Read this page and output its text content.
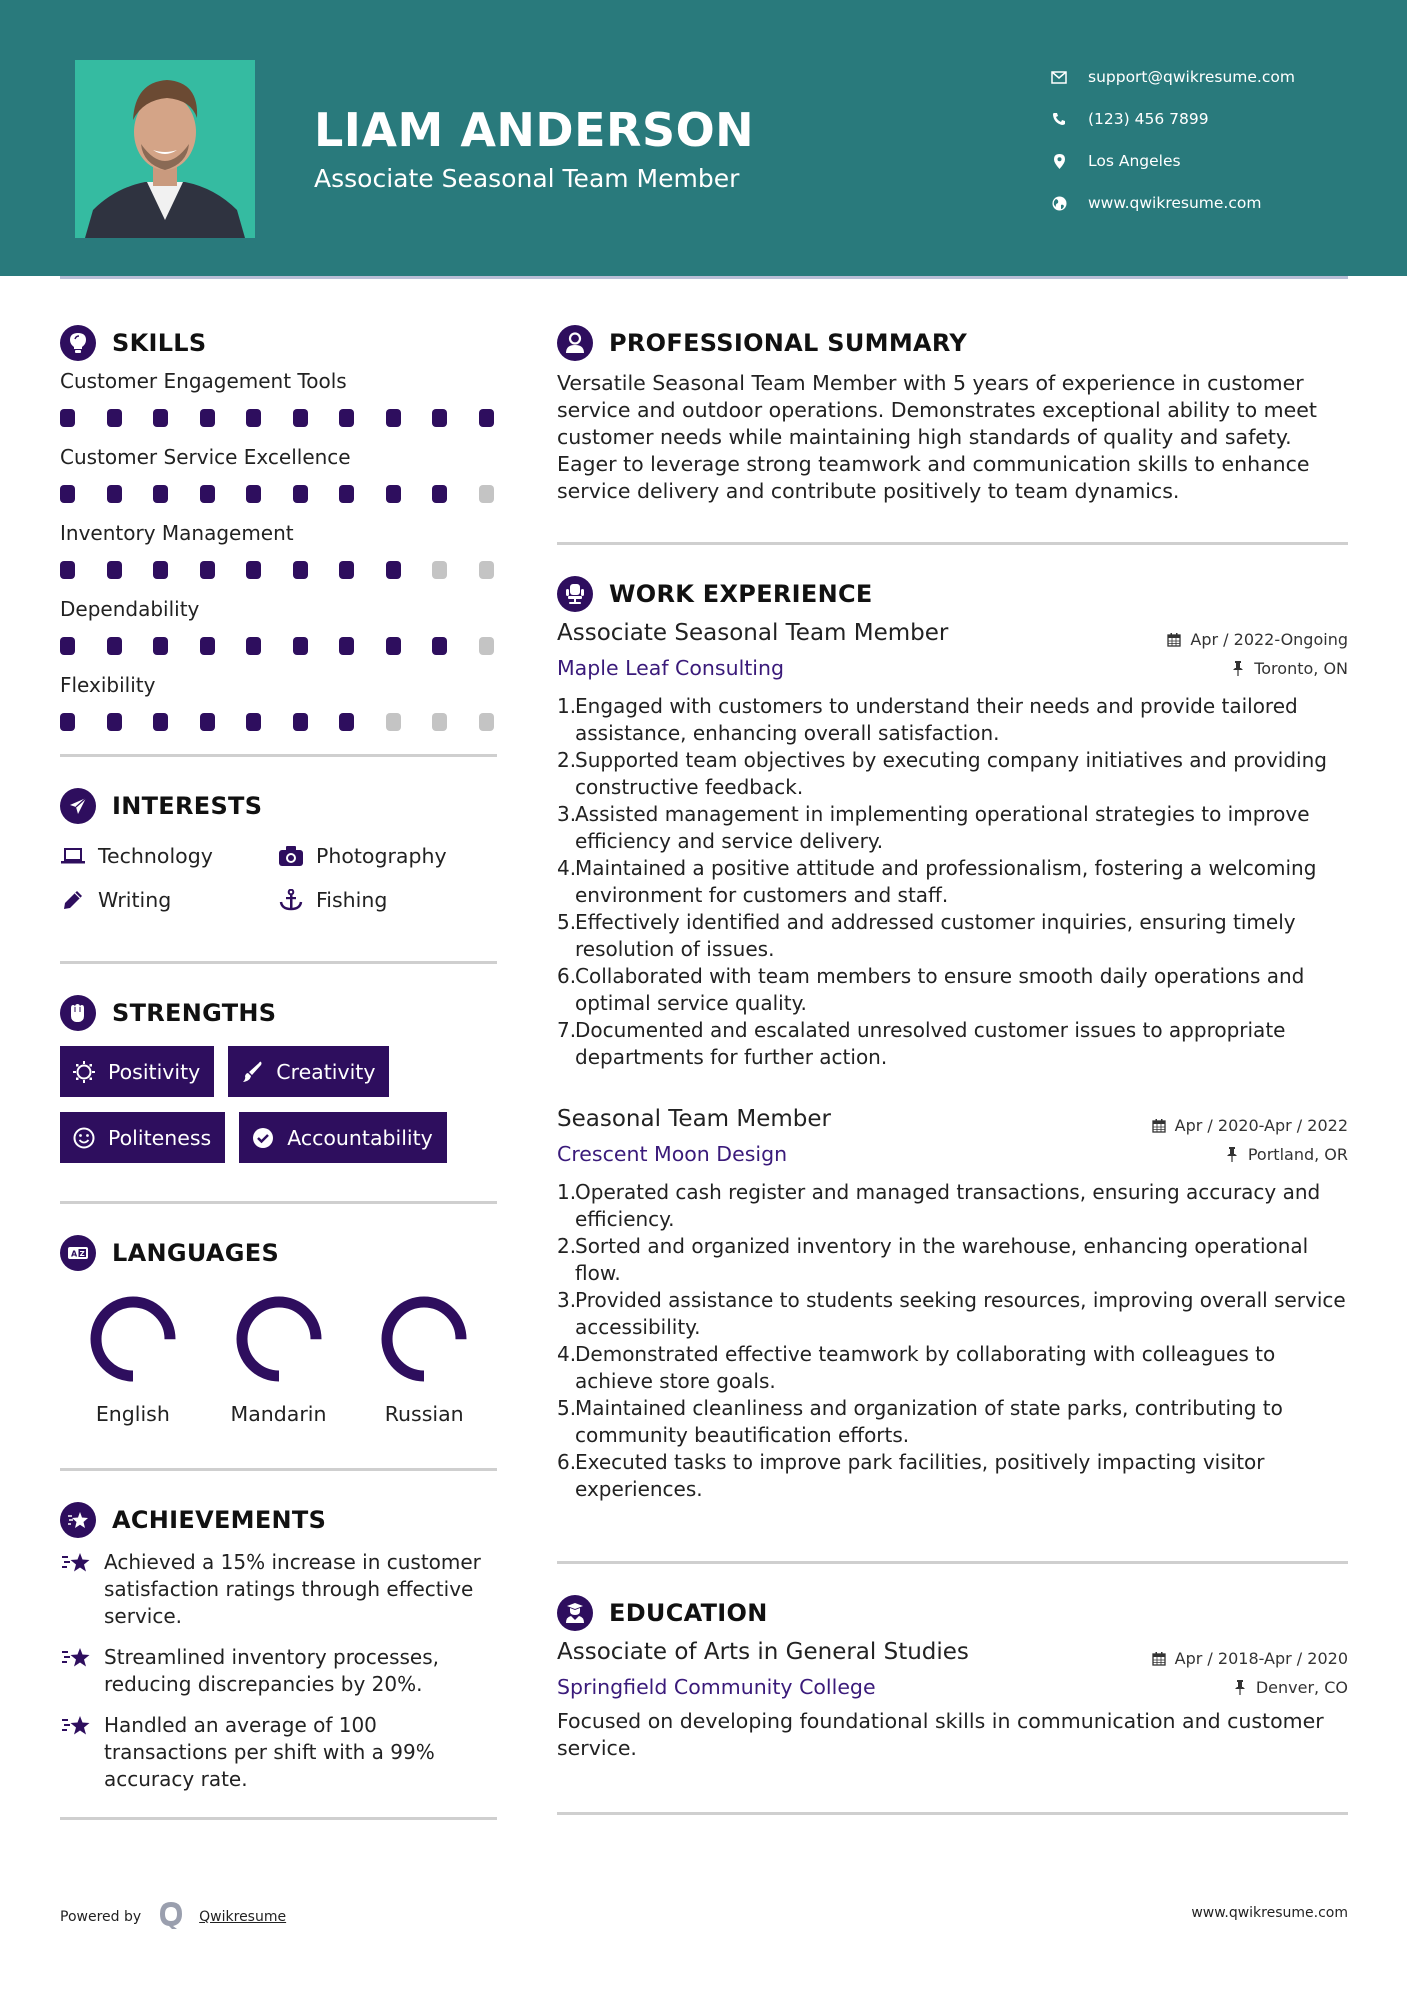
LIAM ANDERSON
Associate Seasonal Team Member
support@qwikresume.com
(123) 456 7899
Los Angeles
www.qwikresume.com
SKILLS
Customer Engagement Tools
Customer Service Excellence
Inventory Management
Dependability
Flexibility
INTERESTS
Technology	Photography
Writing	Fishing
STRENGTHS
Positivity	Creativity
Politeness	Accountability
A Z LANGUAGES
English	Mandarin	Russian
ACHIEVEMENTS
Achieved a 15% increase in customer satisfaction ratings through effective service.
Streamlined inventory processes, reducing discrepancies by 20%.
Handled an average of 100 transactions per shift with a 99% accuracy rate.
PROFESSIONAL SUMMARY

Versatile Seasonal Team Member with 5 years of experience in customer service and outdoor operations. Demonstrates exceptional ability to meet customer needs while maintaining high standards of quality and safety. Eager to leverage strong teamwork and communication skills to enhance service delivery and contribute positively to team dynamics.

WORK EXPERIENCE
Associate Seasonal Team Member	Apr / 2022-Ongoing
Maple Leaf Consulting	Toronto, ON
1.
Engaged with customers to understand their needs and provide tailored assistance, enhancing overall satisfaction.
2.
Supported team objectives by executing company initiatives and providing constructive feedback.
3.
Assisted management in implementing operational strategies to improve efficiency and service delivery.
4.
Maintained a positive attitude and professionalism, fostering a welcoming environment for customers and staff.
5.
Effectively identified and addressed customer inquiries, ensuring timely resolution of issues.
6.
Collaborated with team members to ensure smooth daily operations and optimal service quality.
7.
Documented and escalated unresolved customer issues to appropriate departments for further action.
Seasonal Team Member	Apr / 2020-Apr / 2022
Crescent Moon Design	Portland, OR
1.
Operated cash register and managed transactions, ensuring accuracy and efficiency.
2.
Sorted and organized inventory in the warehouse, enhancing operational flow.
3.
Provided assistance to students seeking resources, improving overall service accessibility.
4.
Demonstrated effective teamwork by collaborating with colleagues to achieve store goals.
5.
Maintained cleanliness and organization of state parks, contributing to community beautification efforts.
6.
Executed tasks to improve park facilities, positively impacting visitor experiences.
EDUCATION
Associate of Arts in General Studies	Apr / 2018-Apr / 2020
Springfield Community College	Denver, CO

Focused on developing foundational skills in communication and customer service.

Powered by	Qwikresume	www.qwikresume.com
